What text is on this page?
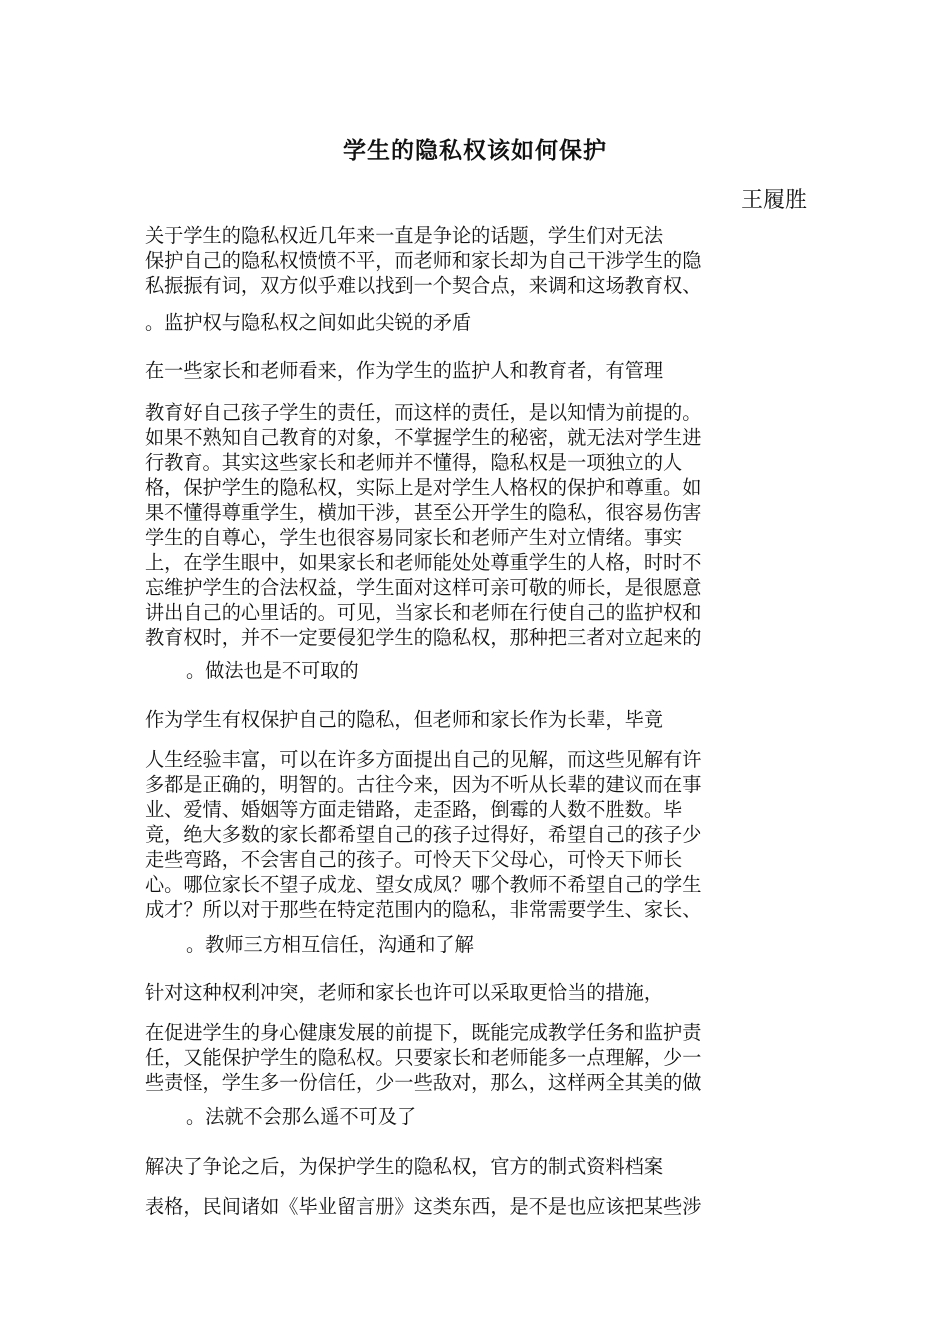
学生的隐私权该如何保护
王履胜
关于学生的隐私权近几年来一直是争论的话题，学生们对无法
保护自己的隐私权愤愤不平，而老师和家长却为自己干涉学生的隐
私振振有词，双方似乎难以找到一个契合点，来调和这场教育权、
。监护权与隐私权之间如此尖锐的矛盾
在一些家长和老师看来，作为学生的监护人和教育者，有管理
教育好自己孩子学生的责任，而这样的责任，是以知情为前提的。
如果不熟知自己教育的对象，不掌握学生的秘密，就无法对学生进
行教育。其实这些家长和老师并不懂得，隐私权是一项独立的人
格，保护学生的隐私权，实际上是对学生人格权的保护和尊重。如
果不懂得尊重学生，横加干涉，甚至公开学生的隐私，很容易伤害
学生的自尊心，学生也很容易同家长和老师产生对立情绪。事实
上，在学生眼中，如果家长和老师能处处尊重学生的人格，时时不
忘维护学生的合法权益，学生面对这样可亲可敬的师长，是很愿意
讲出自己的心里话的。可见，当家长和老师在行使自己的监护权和
教育权时，并不一定要侵犯学生的隐私权，那种把三者对立起来的
。做法也是不可取的
作为学生有权保护自己的隐私，但老师和家长作为长辈，毕竟
人生经验丰富，可以在许多方面提出自己的见解，而这些见解有许
多都是正确的，明智的。古往今来，因为不听从长辈的建议而在事
业、爱情、婚姻等方面走错路，走歪路，倒霉的人数不胜数。毕
竟，绝大多数的家长都希望自己的孩子过得好，希望自己的孩子少
走些弯路，不会害自己的孩子。可怜天下父母心，可怜天下师长
心。哪位家长不望子成龙、望女成凤？哪个教师不希望自己的学生
成才？所以对于那些在特定范围内的隐私，非常需要学生、家长、
。教师三方相互信任，沟通和了解
针对这种权利冲突，老师和家长也许可以采取更恰当的措施，
在促进学生的身心健康发展的前提下，既能完成教学任务和监护责
任，又能保护学生的隐私权。只要家长和老师能多一点理解，少一
些责怪，学生多一份信任，少一些敌对，那么，这样两全其美的做
。法就不会那么遥不可及了
解决了争论之后，为保护学生的隐私权，官方的制式资料档案
表格，民间诸如《毕业留言册》这类东西，是不是也应该把某些涉
